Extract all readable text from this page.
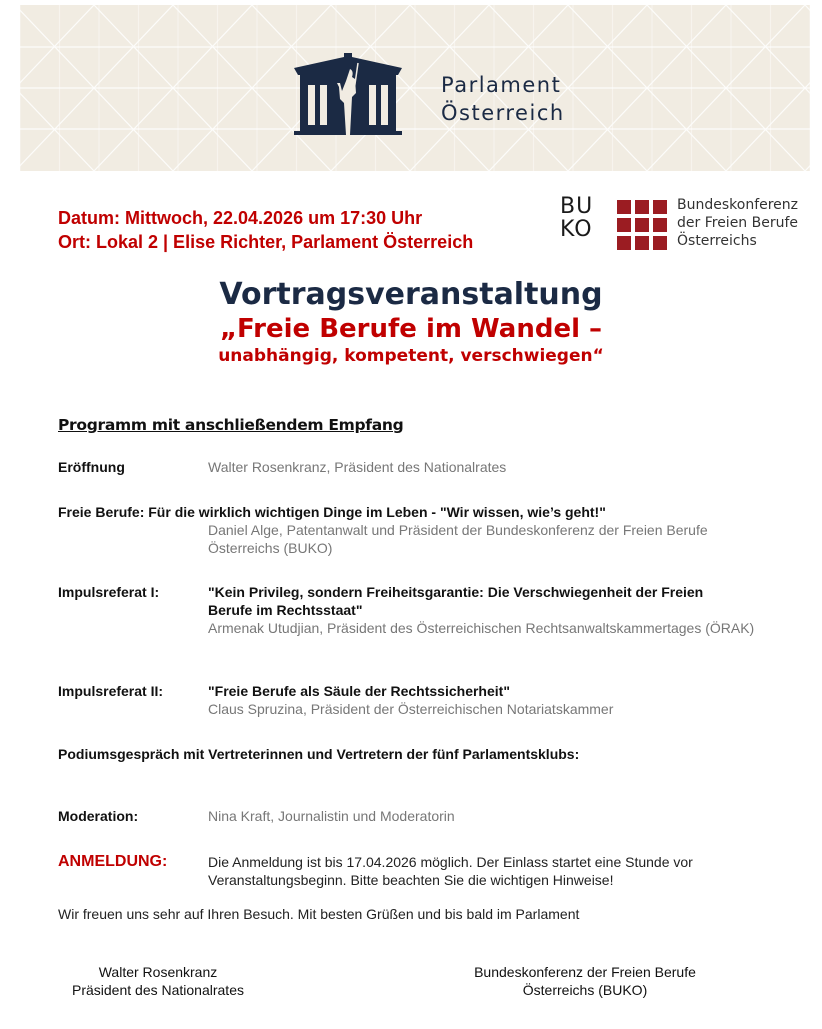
Parlament
Österreich
Datum: Mittwoch, 22.04.2026 um 17:30 Uhr
Ort: Lokal 2 | Elise Richter, Parlament Österreich
BU
KO
Bundeskonferenz
der Freien Berufe
Österreichs
Vortragsveranstaltung
„Freie Berufe im Wandel –
unabhängig, kompetent, verschwiegen“
Programm mit anschließendem Empfang
Eröffnung	Walter Rosenkranz, Präsident des Nationalrates
Freie Berufe: Für die wirklich wichtigen Dinge im Leben - "Wir wissen, wie’s geht!"
Daniel Alge, Patentanwalt und Präsident der Bundeskonferenz der Freien Berufe Österreichs (BUKO)
Impulsreferat I:	"Kein Privileg, sondern Freiheitsgarantie: Die Verschwiegenheit der Freien Berufe im Rechtsstaat"
Armenak Utudjian, Präsident des Österreichischen Rechtsanwaltskammertages (ÖRAK)
Impulsreferat II:	"Freie Berufe als Säule der Rechtssicherheit"
Claus Spruzina, Präsident der Österreichischen Notariatskammer
Podiumsgespräch mit Vertreterinnen und Vertretern der fünf Parlamentsklubs:
Moderation:	Nina Kraft, Journalistin und Moderatorin
ANMELDUNG:	Die Anmeldung ist bis 17.04.2026 möglich. Der Einlass startet eine Stunde vor Veranstaltungsbeginn. Bitte beachten Sie die wichtigen Hinweise!
Wir freuen uns sehr auf Ihren Besuch. Mit besten Grüßen und bis bald im Parlament
Walter Rosenkranz
Präsident des Nationalrates
Bundeskonferenz der Freien Berufe
Österreichs (BUKO)
